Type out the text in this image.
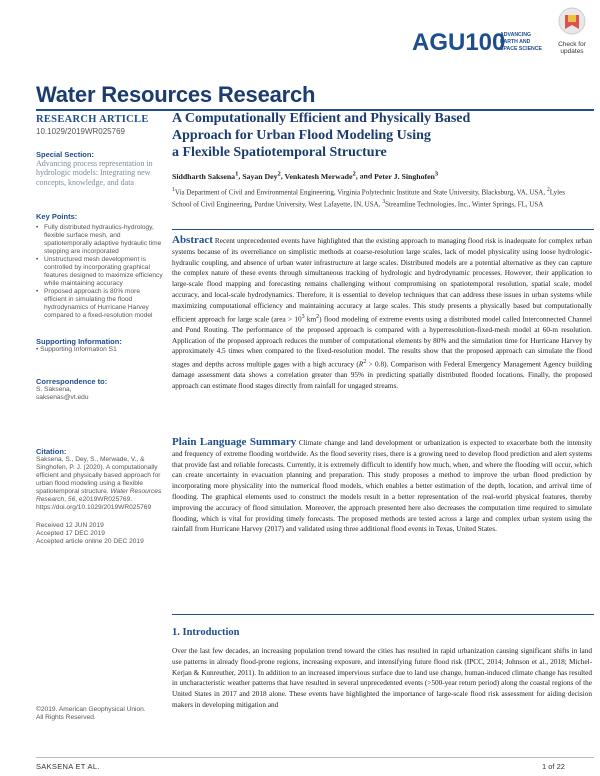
AGU100
ADVANCING
EARTH AND
SPACE SCIENCE
Check for updates
Water Resources Research
RESEARCH ARTICLE
10.1029/2019WR025769
Special Section:
Advancing process representation in hydrologic models: Integrating new concepts, knowledge, and data
Key Points:
• Fully distributed hydraulics-hydrology, flexible surface mesh, and spatiotemporally adaptive hydraulic time stepping are incorporated
• Unstructured mesh development is controlled by incorporating graphical features designed to maximize efficiency while maintaining accuracy
• Proposed approach is 80% more efficient in simulating the flood hydrodynamics of Hurricane Harvey compared to a fixed-resolution model
Supporting Information:
• Supporting Information S1
Correspondence to:
S. Saksena,
saksenas@vt.edu
Citation:
Saksena, S., Dey, S., Merwade, V., & Singhofen, P. J. (2020). A computationally efficient and physically based approach for urban flood modeling using a flexible spatiotemporal structure. Water Resources Research, 56, e2019WR025769. https://doi.org/10.1029/2019WR025769
Received 12 JUN 2019
Accepted 17 DEC 2019
Accepted article online 20 DEC 2019
©2019. American Geophysical Union.
All Rights Reserved.
A Computationally Efficient and Physically Based
Approach for Urban Flood Modeling Using
a Flexible Spatiotemporal Structure
Siddharth Saksena$^1$, Sayan Dey$^2$, Venkatesh Merwade$^2$, and Peter J. Singhofen$^3$
$^1$Via Department of Civil and Environmental Engineering, Virginia Polytechnic Institute and State University, Blacksburg, VA, USA, $^2$Lyles School of Civil Engineering, Purdue University, West Lafayette, IN, USA, $^3$Streamline Technologies, Inc., Winter Springs, FL, USA
Abstract Recent unprecedented events have highlighted that the existing approach to managing flood risk is inadequate for complex urban systems because of its overreliance on simplistic methods at coarse-resolution large scales, lack of model physicality using loose hydrologic-hydraulic coupling, and absence of urban water infrastructure at large scales. Distributed models are a potential alternative as they can capture the complex nature of these events through simultaneous tracking of hydrologic and hydrodynamic processes. However, their application to large-scale flood mapping and forecasting remains challenging without compromising on spatiotemporal resolution, spatial scale, model accuracy, and local-scale hydrodynamics. Therefore, it is essential to develop techniques that can address these issues in urban systems while maximizing computational efficiency and maintaining accuracy at large scales. This study presents a physically based but computationally efficient approach for large scale (area > $10^3$ $km^2$) flood modeling of extreme events using a distributed model called Interconnected Channel and Pond Routing. The performance of the proposed approach is compared with a hyperresolution-fixed-mesh model at 60-m resolution. Application of the proposed approach reduces the number of computational elements by 80% and the simulation time for Hurricane Harvey by approximately 4.5 times when compared to the fixed-resolution model. The results show that the proposed approach can simulate the flood stages and depths across multiple gages with a high accuracy $(R^2 > 0.8)$. Comparison with Federal Emergency Management Agency building damage assessment data shows a correlation greater than 95% in predicting spatially distributed flooded locations. Finally, the proposed approach can estimate flood stages directly from rainfall for ungaged streams.
Plain Language Summary Climate change and land development or urbanization is expected to exacerbate both the intensity and frequency of extreme flooding worldwide. As the flood severity rises, there is a growing need to develop flood prediction and alert systems that provide fast and reliable forecasts. Currently, it is extremely difficult to identify how much, when, and where the flooding will occur, which can create uncertainty in evacuation planning and preparation. This study proposes a method to improve the urban flood prediction by incorporating more physicality into the numerical flood models, which enables a better estimation of the depth, location, and arrival time of flooding. The graphical elements used to construct the models result in a better representation of the real-world physical features, thereby improving the accuracy of flood simulation. Moreover, the approach presented here also decreases the computation time required to simulate flooding, which is vital for providing timely forecasts. The proposed methods are tested across a large and complex urban system using the rainfall from Hurricane Harvey (2017) and validated using three additional flood events in Texas, United States.
1. Introduction
Over the last few decades, an increasing population trend toward the cities has resulted in rapid urbanization causing significant shifts in land use patterns in already flood-prone regions, increasing exposure, and intensifying future flood risk (IPCC, 2014; Johnson et al., 2018; Michel-Kerjan & Kunreuther, 2011). In addition to an increased impervious surface due to land use change, human-induced climate change has resulted in uncharacteristic weather patterns that have resulted in several unprecedented events (>500-year return period) along the coastal regions of the United States in 2017 and 2018 alone. These events have highlighted the importance of large-scale flood risk assessment for aiding decision makers in developing mitigation and
SAKSENA ET AL.	1 of 22
